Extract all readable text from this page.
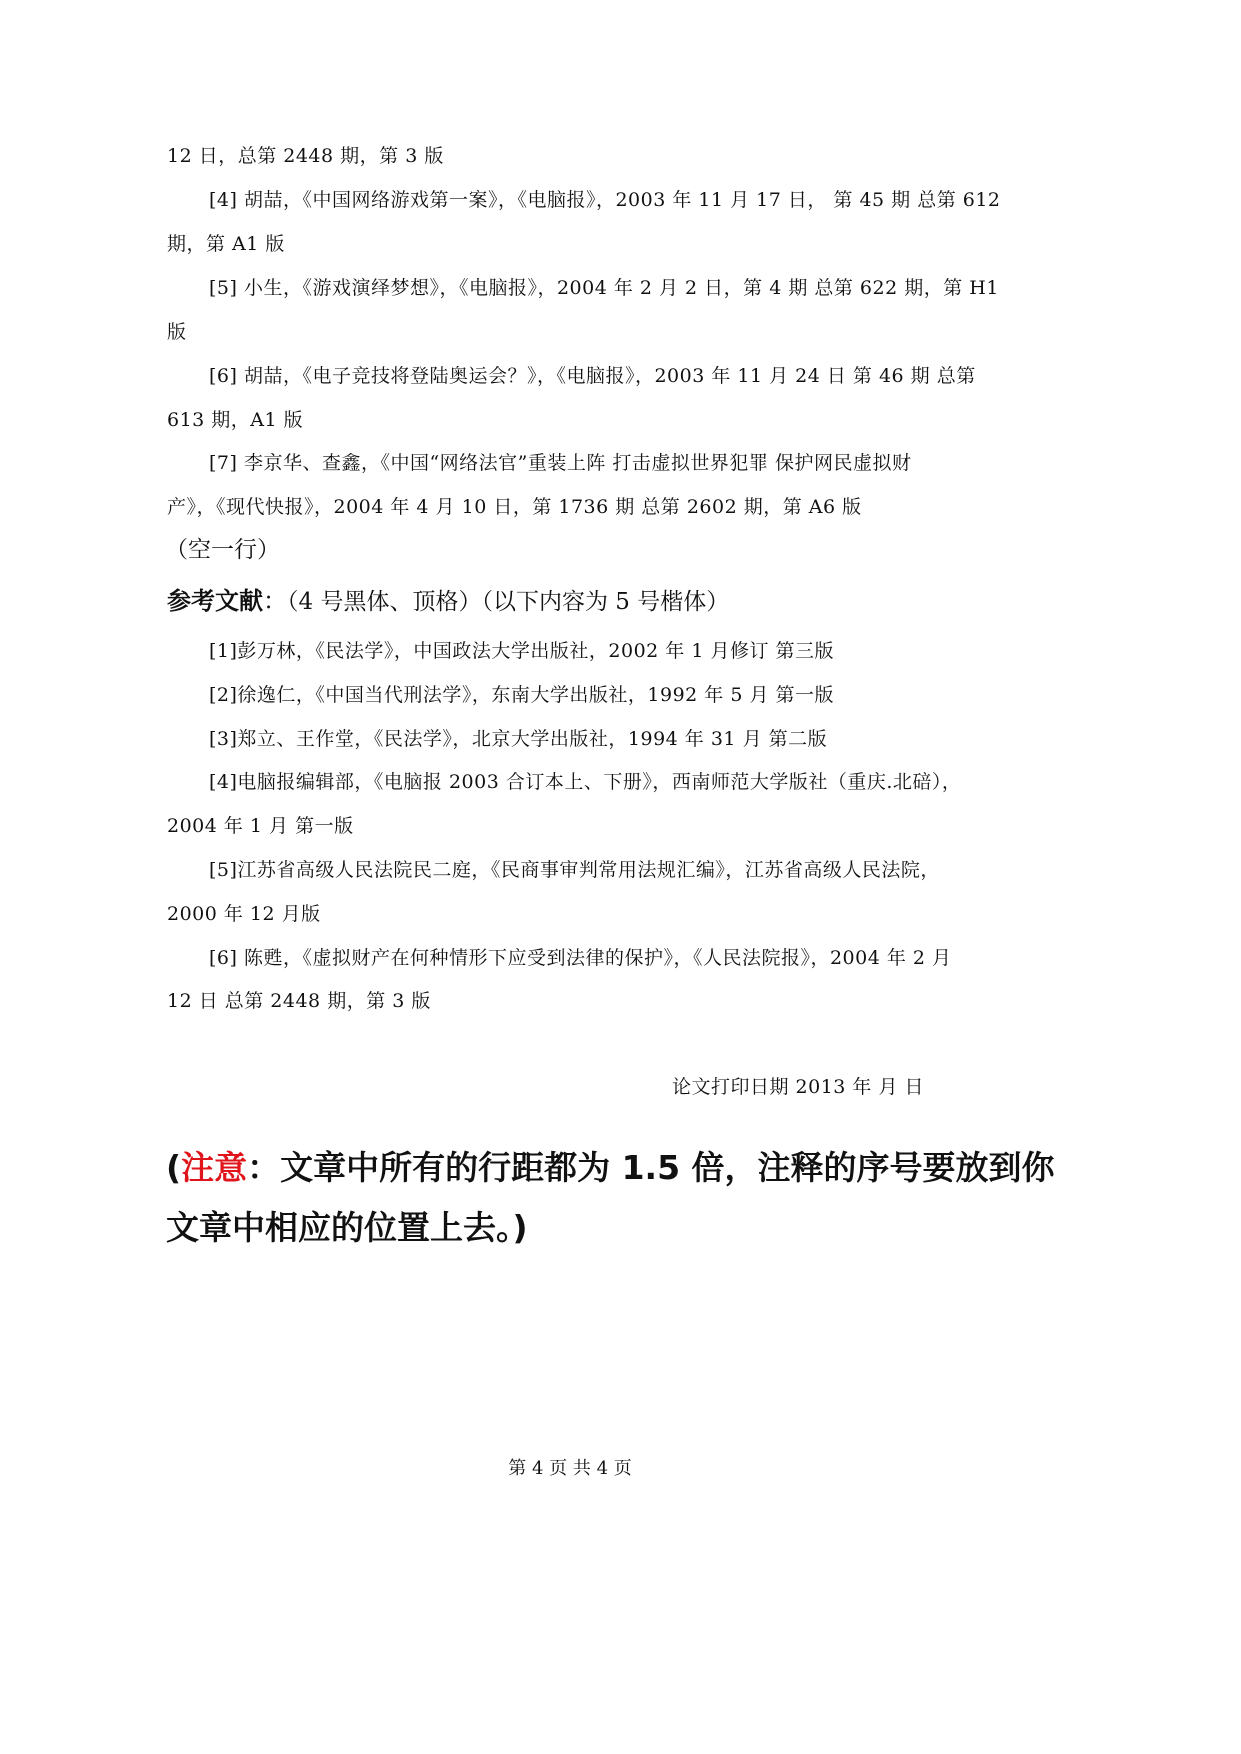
12 日，总第 2448 期，第 3 版
[4] 胡喆，《中国网络游戏第一案》，《电脑报》，2003 年 11 月 17 日， 第 45 期 总第 612
期，第 A1 版
[5] 小生，《游戏演绎梦想》，《电脑报》，2004 年 2 月 2 日，第 4 期 总第 622 期，第 H1
版
[6] 胡喆，《电子竞技将登陆奥运会？》，《电脑报》，2003 年 11 月 24 日 第 46 期 总第
613 期，A1 版
[7] 李京华、查鑫，《中国“网络法官”重装上阵 打击虚拟世界犯罪 保护网民虚拟财
产》，《现代快报》，2004 年 4 月 10 日，第 1736 期 总第 2602 期，第 A6 版
（空一行）
参考文献：（4 号黑体、顶格）（以下内容为 5 号楷体）
[1]彭万林，《民法学》，中国政法大学出版社，2002 年 1 月修订 第三版
[2]徐逸仁，《中国当代刑法学》，东南大学出版社，1992 年 5 月 第一版
[3]郑立、王作堂，《民法学》，北京大学出版社，1994 年 31 月 第二版
[4]电脑报编辑部，《电脑报 2003 合订本上、下册》，西南师范大学版社（重庆.北碚），
2004 年 1 月 第一版
[5]江苏省高级人民法院民二庭，《民商事审判常用法规汇编》，江苏省高级人民法院，
2000 年 12 月版
[6] 陈甦，《虚拟财产在何种情形下应受到法律的保护》，《人民法院报》，2004 年 2 月
12 日 总第 2448 期，第 3 版
论文打印日期 2013 年 月 日
(注意：文章中所有的行距都为 1.5 倍，注释的序号要放到你
文章中相应的位置上去。)
第 4 页 共 4 页
